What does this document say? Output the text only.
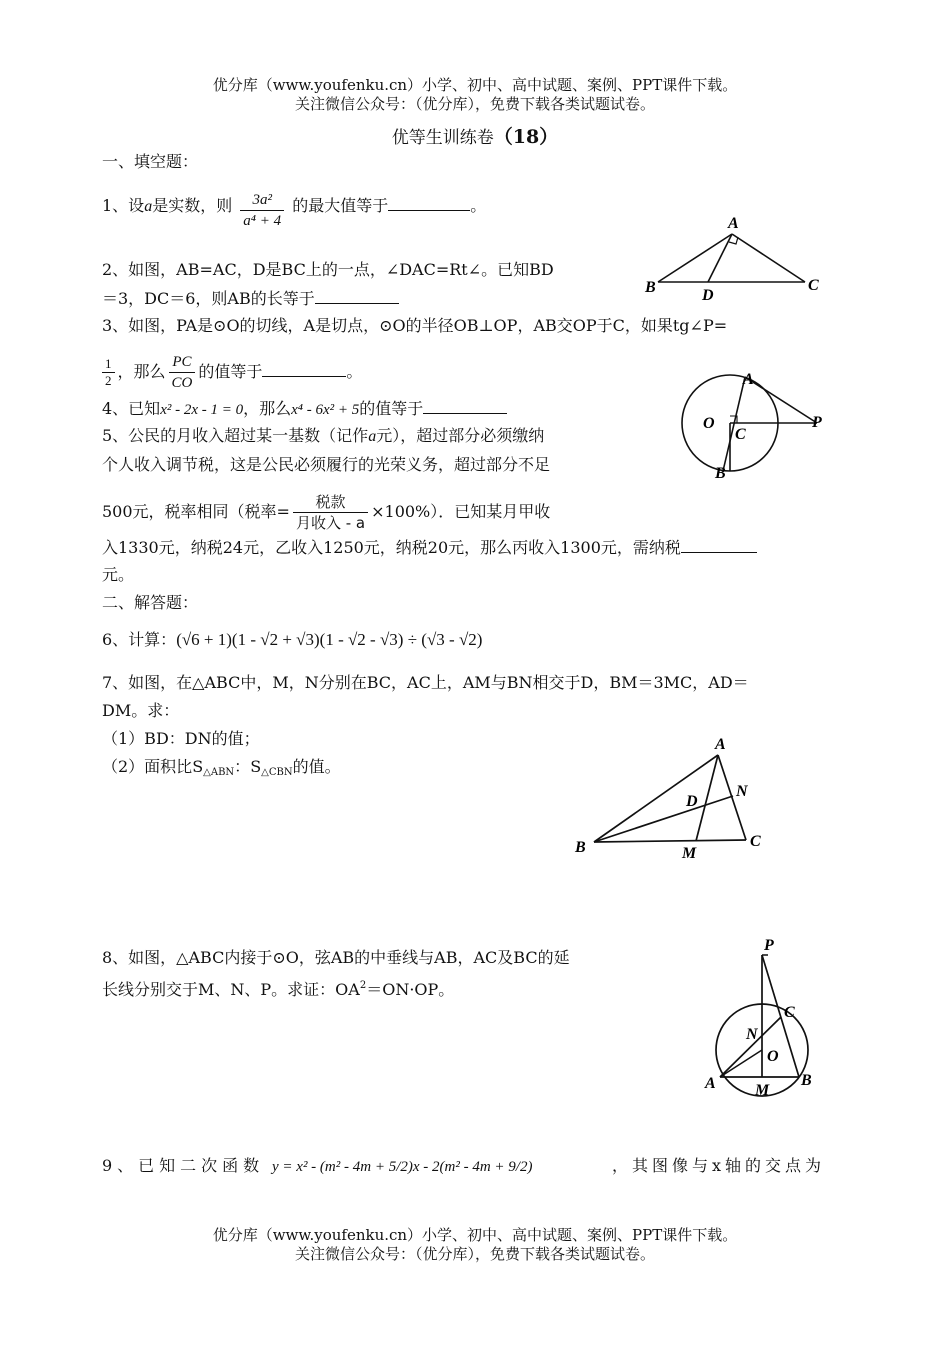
优分库（www.youfenku.cn）小学、初中、高中试题、案例、PPT课件下载。
关注微信公众号：（优分库），免费下载各类试题试卷。
优等生训练卷（18）
一、填空题：
1、设a是实数，则 $\frac{\text{3a²}}{\text{a⁴ + 4}}$ 的最大值等于	。
2、如图，AB=AC，D是BC上的一点，∠DAC=Rt∠。已知BD
＝3，DC＝6，则AB的长等于
A
B	C
D
3、如图，PA是⊙O的切线，A是切点，⊙O的半径OB⊥OP，AB交OP于C，如果tg∠P=
$\frac{1}{2}$ ，那么 $\frac{PC}{CO}$ 的值等于	。
4、已知x² - 2x - 1 = 0，那么x⁴ - 6x² + 5的值等于
A
O
C
P
B
5、公民的月收入超过某一基数（记作a元），超过部分必须缴纳
个人收入调节税，这是公民必须履行的光荣义务，超过部分不足
500元，税率相同（税率= $\frac{\text{税款}}{\text{月收入 - a}} \times 100\%$）．已知某月甲收
入1330元，纳税24元，乙收入1250元，纳税20元，那么丙收入1300元，需纳税
元。
二、解答题：
6、计算：(√6 + 1)(1 - √2 + √3)(1 - √2 - √3) ÷ (√3 - √2)
7、如图，在△ABC中，M，N分别在BC，AC上，AM与BN相交于D，BM＝3MC，AD＝
DM。求：
（1）BD：DN的值；
（2）面积比$S_{\triangle ABN}$：$S_{\triangle CBN}$的值。
A
B	C
D
M
N
8、如图，△ABC内接于⊙O，弦AB的中垂线与AB，AC及BC的延
长线分别交于M、N、P。求证：$OA^2=ON\cdot OP$。
P
C
N
O
A M
B
9、已知二次函数 y = x² - (m² - 4m + 5/2)x - 2(m² - 4m + 9/2)	，其图像与x轴的交点为
优分库（www.youfenku.cn）小学、初中、高中试题、案例、PPT课件下载。
关注微信公众号：（优分库），免费下载各类试题试卷。
